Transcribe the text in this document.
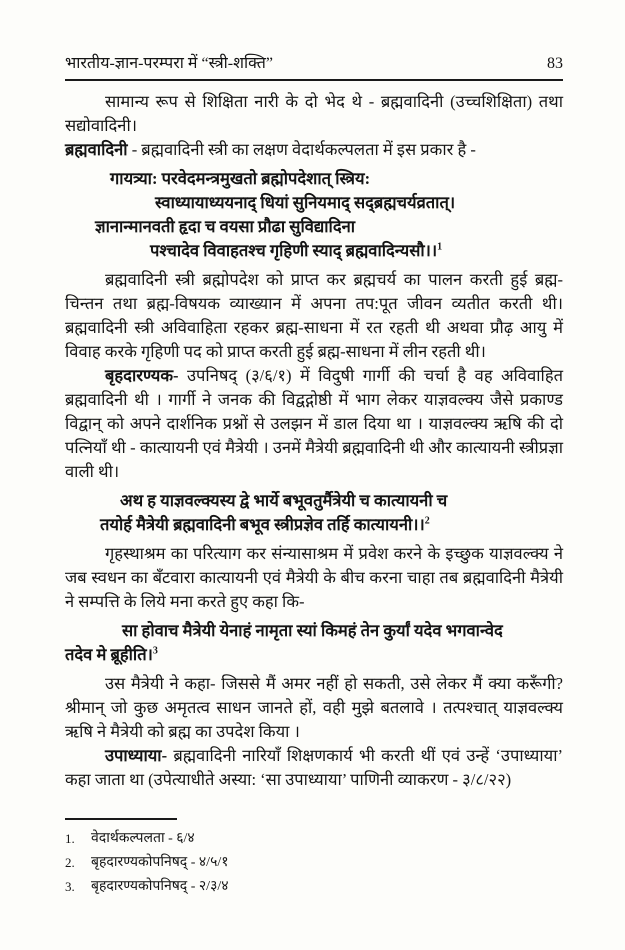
भारतीय-ज्ञान-परम्परा में “स्त्री-शक्ति”	83

सामान्य रूप से शिक्षिता नारी के दो भेद थे - ब्रह्मवादिनी (उच्चशिक्षिता) तथा सद्योवादिनी।

ब्रह्मवादिनी - ब्रह्मवादिनी स्त्री का लक्षण वेदार्थकल्पलता में इस प्रकार है -

गायत्र्या: परवेदमन्त्रमुखतो ब्रह्मोपदेशात् स्त्रिय:
स्वाध्यायाध्ययनाद् धियां सुनियमाद् सद्ब्रह्मचर्यव्रतात्।
ज्ञानान्मानवती हृदा च वयसा प्रौढा सुविद्यादिना
पश्चादेव विवाहतश्च गृहिणी स्याद् ब्रह्मवादिन्यसौ।।$^1$

ब्रह्मवादिनी स्त्री ब्रह्मोपदेश को प्राप्त कर ब्रह्मचर्य का पालन करती हुई ब्रह्म-चिन्तन तथा ब्रह्म-विषयक व्याख्यान में अपना तप:पूत जीवन व्यतीत करती थी। ब्रह्मवादिनी स्त्री अविवाहिता रहकर ब्रह्म-साधना में रत रहती थी अथवा प्रौढ़ आयु में विवाह करके गृहिणी पद को प्राप्त करती हुई ब्रह्म-साधना में लीन रहती थी।

बृहदारण्यक- उपनिषद् (३/६/१) में विदुषी गार्गी की चर्चा है वह अविवाहित ब्रह्मवादिनी थी । गार्गी ने जनक की विद्वद्गोष्ठी में भाग लेकर याज्ञवल्क्य जैसे प्रकाण्ड विद्वान् को अपने दार्शनिक प्रश्नों से उलझन में डाल दिया था । याज्ञवल्क्य ऋषि की दो पत्नियाँ थी - कात्यायनी एवं मैत्रेयी । उनमें मैत्रेयी ब्रह्मवादिनी थी और कात्यायनी स्त्रीप्रज्ञा वाली थी।

अथ ह याज्ञवल्क्यस्य द्वे भार्ये बभूवतुर्मैत्रेयी च कात्यायनी च
तयोर्ह मैत्रेयी ब्रह्मवादिनी बभूव स्त्रीप्रज्ञेव तर्हि कात्यायनी।।$^2$

गृहस्थाश्रम का परित्याग कर संन्यासाश्रम में प्रवेश करने के इच्छुक याज्ञवल्क्य ने जब स्वधन का बँटवारा कात्यायनी एवं मैत्रेयी के बीच करना चाहा तब ब्रह्मवादिनी मैत्रेयी ने सम्पत्ति के लिये मना करते हुए कहा कि-

सा होवाच मैत्रेयी येनाहं नामृता स्यां किमहं तेन कुर्यां यदेव भगवान्वेद
तदेव मे ब्रूहीति।$^3$

उस मैत्रेयी ने कहा- जिससे मैं अमर नहीं हो सकती, उसे लेकर मैं क्या करूँगी? श्रीमान् जो कुछ अमृतत्व साधन जानते हों, वही मुझे बतलावे । तत्पश्चात् याज्ञवल्क्य ऋषि ने मैत्रेयी को ब्रह्म का उपदेश किया ।

उपाध्याया- ब्रह्मवादिनी नारियाँ शिक्षणकार्य भी करती थीं एवं उन्हें ‘उपाध्याया’ कहा जाता था (उपेत्याधीते अस्या: ‘सा उपाध्याया’ पाणिनी व्याकरण - ३/८/२२)

1.	वेदार्थकल्पलता - ६/४
2.	बृहदारण्यकोपनिषद् - ४/५/१
3.	बृहदारण्यकोपनिषद् - २/३/४
